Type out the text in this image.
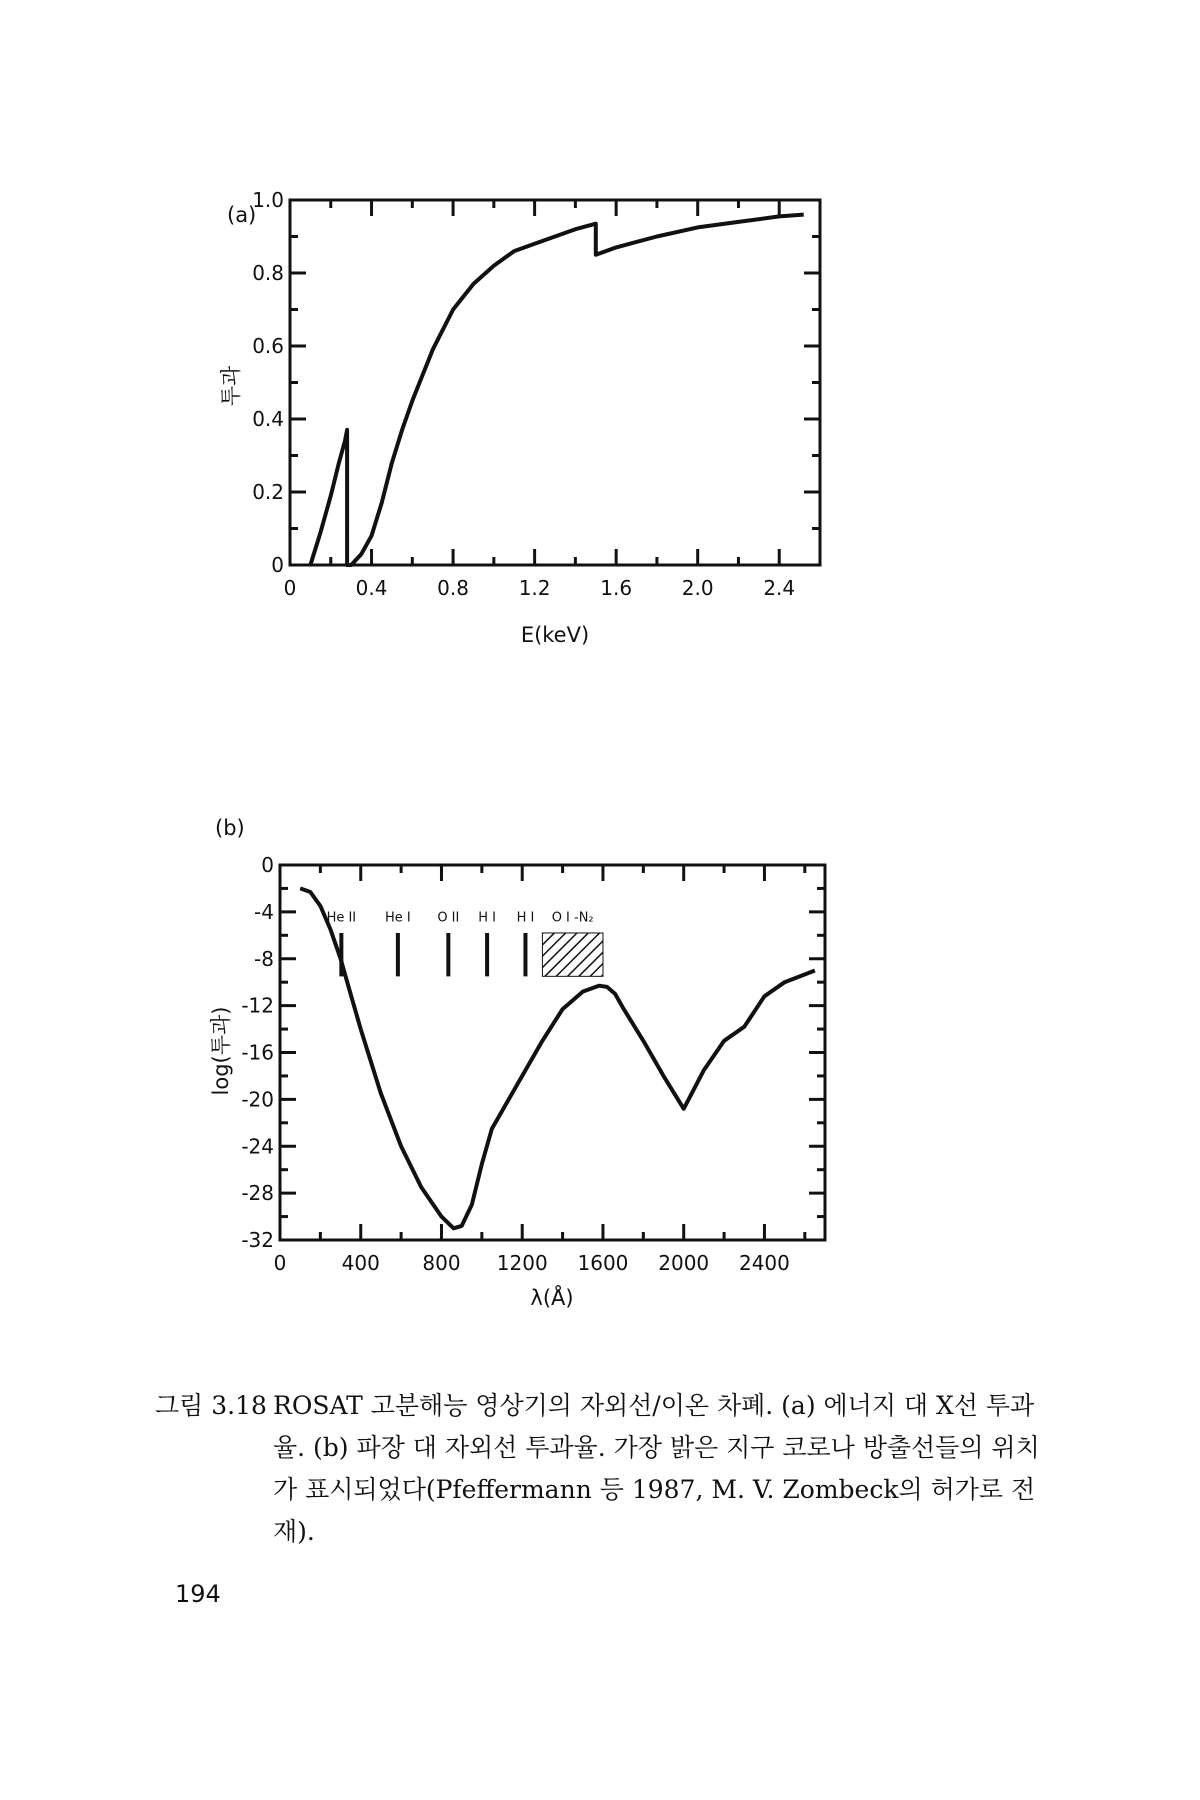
(a)
0	0.4 0.8 1.2 1.6 2.0 2.4
0
0.2
0.4
0.6
0.8
1.0
E(keV)
투과
(b)
0	400 800 1200 1600 2000 2400
0
-4
-8
-12
-16
-20
-24
-28
-32
He II He I O II H I H I O I -N₂
λ(Å)
log(투과)
그림 3.18 ROSAT 고분해능 영상기의 자외선/이온 차폐. (a) 에너지 대 X선 투과율. (b) 파장 대 자외선 투과율. 가장 밝은 지구 코로나 방출선들의 위치가 표시되었다(Pfeffermann 등 1987, M. V. Zombeck의 허가로 전재).
194
